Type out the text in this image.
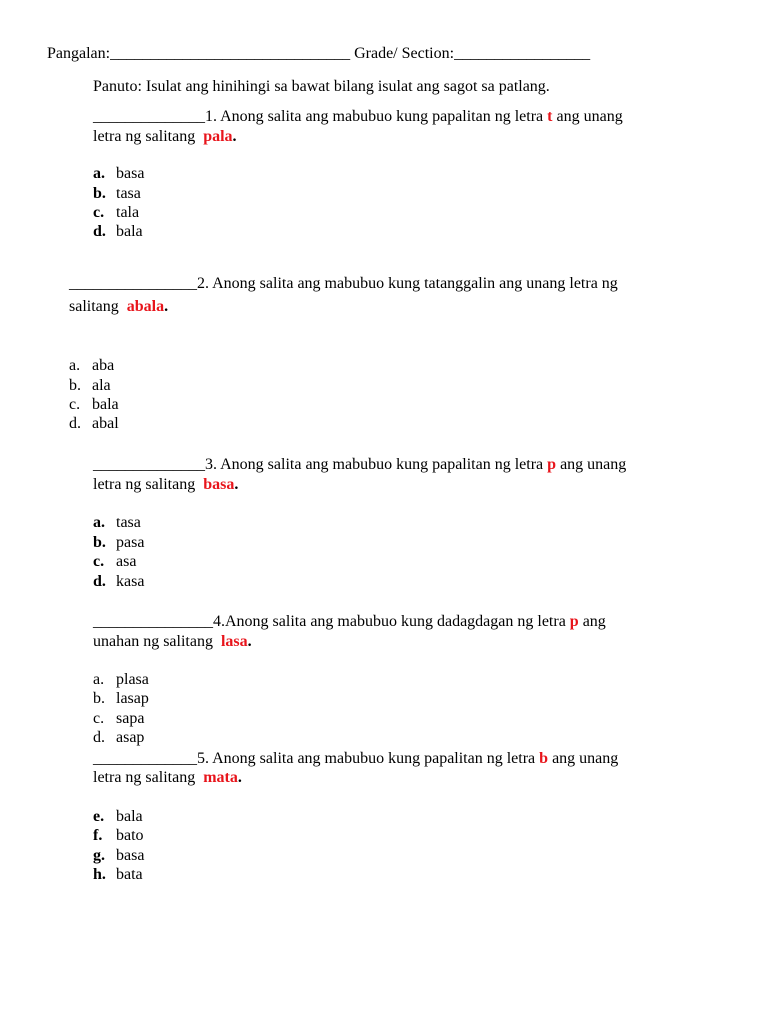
Pangalan:______________________________ Grade/ Section:_________________
Panuto: Isulat ang hinihingi sa bawat bilang isulat ang sagot sa patlang.
______________1. Anong salita ang mabubuo kung papalitan ng letra t ang unang
letra ng salitang  pala.
a. basa
b. tasa
c. tala
d. bala
________________2. Anong salita ang mabubuo kung tatanggalin ang unang letra ng
salitang  abala.
a. aba
b. ala
c. bala
d. abal
______________3. Anong salita ang mabubuo kung papalitan ng letra p ang unang
letra ng salitang  basa.
a. tasa
b. pasa
c. asa
d. kasa
_______________4.Anong salita ang mabubuo kung dadagdagan ng letra p ang
unahan ng salitang  lasa.
a. plasa
b. lasap
c. sapa
d. asap
_____________5. Anong salita ang mabubuo kung papalitan ng letra b ang unang
letra ng salitang  mata.
e. bala
f. bato
g. basa
h. bata
